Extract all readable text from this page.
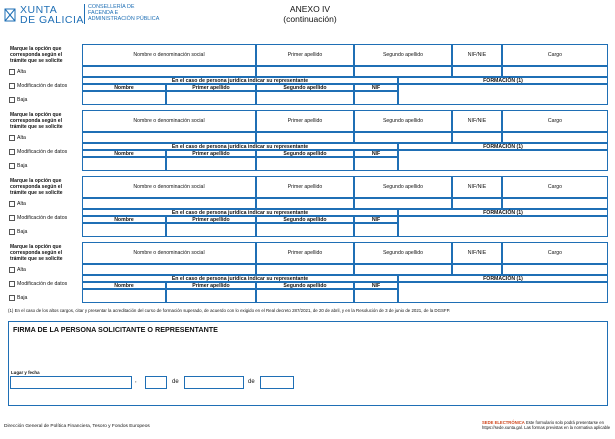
XUNTA
DE GALICIA
CONSELLERÍA DE
FACENDA E
ADMINISTRACIÓN PÚBLICA
ANEXO IV
(continuación)
Marque la opción que corresponda según el trámite que se solicite
Nombre o denominación social	Primer apellido	Segundo apellido	NIF/NIE	Cargo
En el caso de persona jurídica indicar su representante	FORMACIÓN (1)
Nombre	Primer apellido	Segundo apellido	NIF
Alta
Modificación de datos
Baja
Marque la opción que corresponda según el trámite que se solicite
Nombre o denominación social	Primer apellido	Segundo apellido	NIF/NIE	Cargo
En el caso de persona jurídica indicar su representante	FORMACIÓN (1)
Nombre	Primer apellido	Segundo apellido	NIF
Alta
Modificación de datos
Baja
Marque la opción que corresponda según el trámite que se solicite
Nombre o denominación social	Primer apellido	Segundo apellido	NIF/NIE	Cargo
En el caso de persona jurídica indicar su representante	FORMACIÓN (1)
Nombre	Primer apellido	Segundo apellido	NIF
Alta
Modificación de datos
Baja
Marque la opción que corresponda según el trámite que se solicite
Nombre o denominación social	Primer apellido	Segundo apellido	NIF/NIE	Cargo
En el caso de persona jurídica indicar su representante	FORMACIÓN (1)
Nombre	Primer apellido	Segundo apellido	NIF
Alta
Modificación de datos
Baja
(1) En el caso de los altos cargos, citar y presentar la acreditación del curso de formación superado, de acuerdo con lo exigido en el Real decreto 287/2021, de 20 de abril, y en la Resolución de 3 de junio de 2021, de la DGSFP.
FIRMA DE LA PERSONA SOLICITANTE O REPRESENTANTE
Lugar y fecha
,	de	de
Dirección General de Política Financiera, Tesoro y Fondos Europeos
SEDE ELECTRÓNICA Este formulario solo podrá presentarse en
https://sede.xunta.gal. Las formas previstas en la normativa aplicable
